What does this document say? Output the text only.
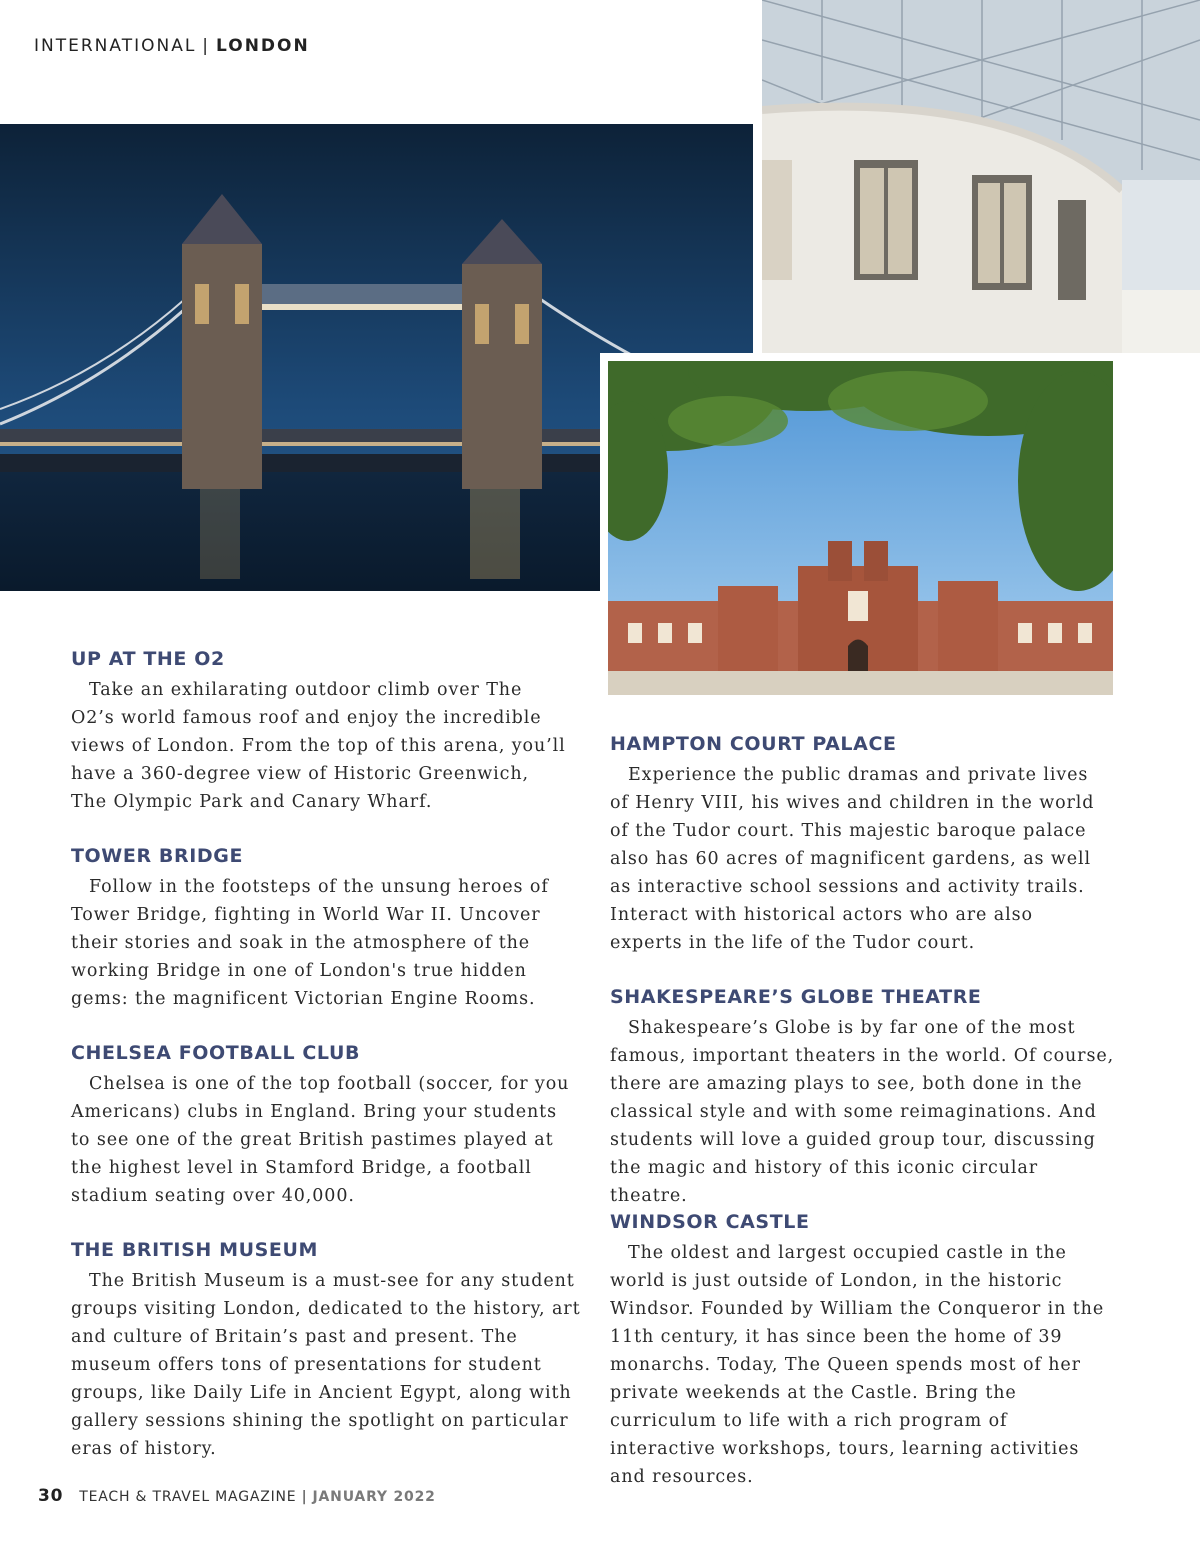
INTERNATIONAL | LONDON
UP AT THE O2

Take an exhilarating outdoor climb over The O2’s world famous roof and enjoy the incredible views of London. From the top of this arena, you’ll have a 360-degree view of Historic Greenwich, The Olympic Park and Canary Wharf.

TOWER BRIDGE

Follow in the footsteps of the unsung heroes of Tower Bridge, fighting in World War II. Uncover their stories and soak in the atmosphere of the working Bridge in one of London's true hidden gems: the magnificent Victorian Engine Rooms.

CHELSEA FOOTBALL CLUB

Chelsea is one of the top football (soccer, for you Americans) clubs in England. Bring your students to see one of the great British pastimes played at the highest level in Stamford Bridge, a football stadium seating over 40,000.

THE BRITISH MUSEUM

The British Museum is a must-see for any student groups visiting London, dedicated to the history, art and culture of Britain’s past and present. The museum offers tons of presentations for student groups, like Daily Life in Ancient Egypt, along with gallery sessions shining the spotlight on particular eras of history.

HAMPTON COURT PALACE

Experience the public dramas and private lives of Henry VIII, his wives and children in the world of the Tudor court. This majestic baroque palace also has 60 acres of magnificent gardens, as well as interactive school sessions and activity trails. Interact with historical actors who are also experts in the life of the Tudor court.

SHAKESPEARE’S GLOBE THEATRE

Shakespeare’s Globe is by far one of the most famous, important theaters in the world. Of course, there are amazing plays to see, both done in the classical style and with some reimaginations. And students will love a guided group tour, discussing the magic and history of this iconic circular theatre.

WINDSOR CASTLE

The oldest and largest occupied castle in the world is just outside of London, in the historic Windsor. Founded by William the Conqueror in the 11th century, it has since been the home of 39 monarchs. Today, The Queen spends most of her private weekends at the Castle. Bring the curriculum to life with a rich program of interactive workshops, tours, learning activities and resources.

30 TEACH & TRAVEL MAGAZINE | JANUARY 2022
